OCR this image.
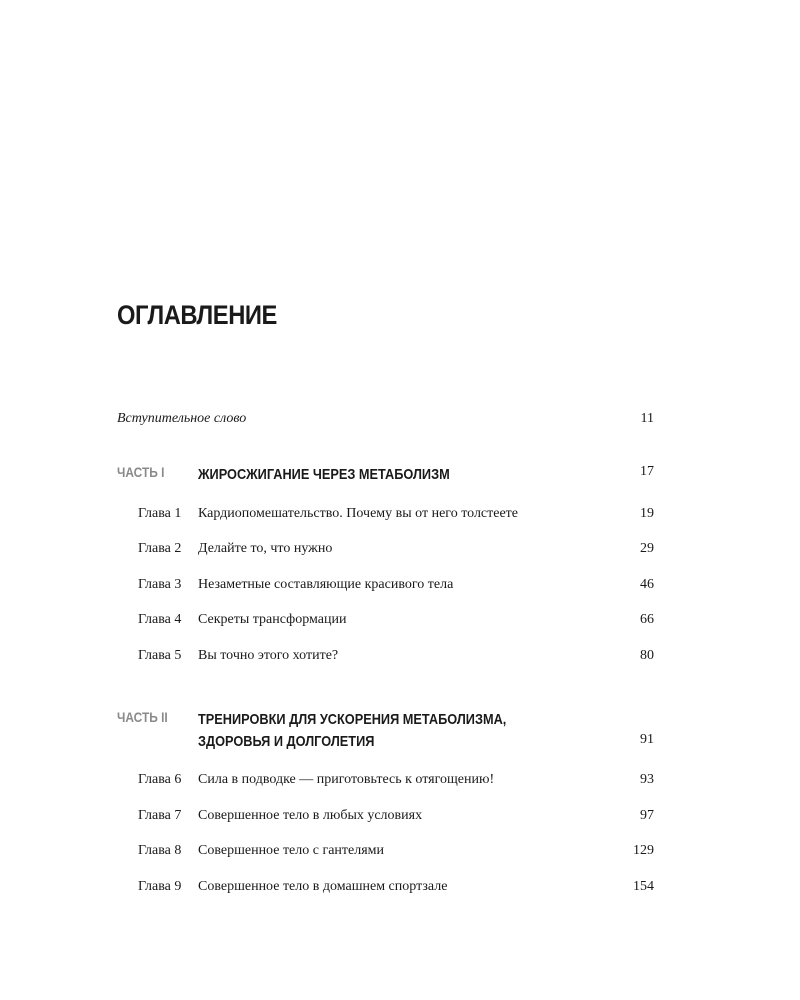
ОГЛАВЛЕНИЕ
Вступительное слово	11
ЧАСТЬ I ЖИРОСЖИГАНИЕ ЧЕРЕЗ МЕТАБОЛИЗМ	17
Глава 1 Кардиопомешательство. Почему вы от него толстеете	19
Глава 2 Делайте то, что нужно	29
Глава 3 Незаметные составляющие красивого тела	46
Глава 4 Секреты трансформации	66
Глава 5 Вы точно этого хотите?	80
ЧАСТЬ II ТРЕНИРОВКИ ДЛЯ УСКОРЕНИЯ МЕТАБОЛИЗМА,
ЗДОРОВЬЯ И ДОЛГОЛЕТИЯ	91
Глава 6 Сила в подводке — приготовьтесь к отягощению!	93
Глава 7 Совершенное тело в любых условиях	97
Глава 8 Совершенное тело с гантелями	129
Глава 9 Совершенное тело в домашнем спортзале	154
